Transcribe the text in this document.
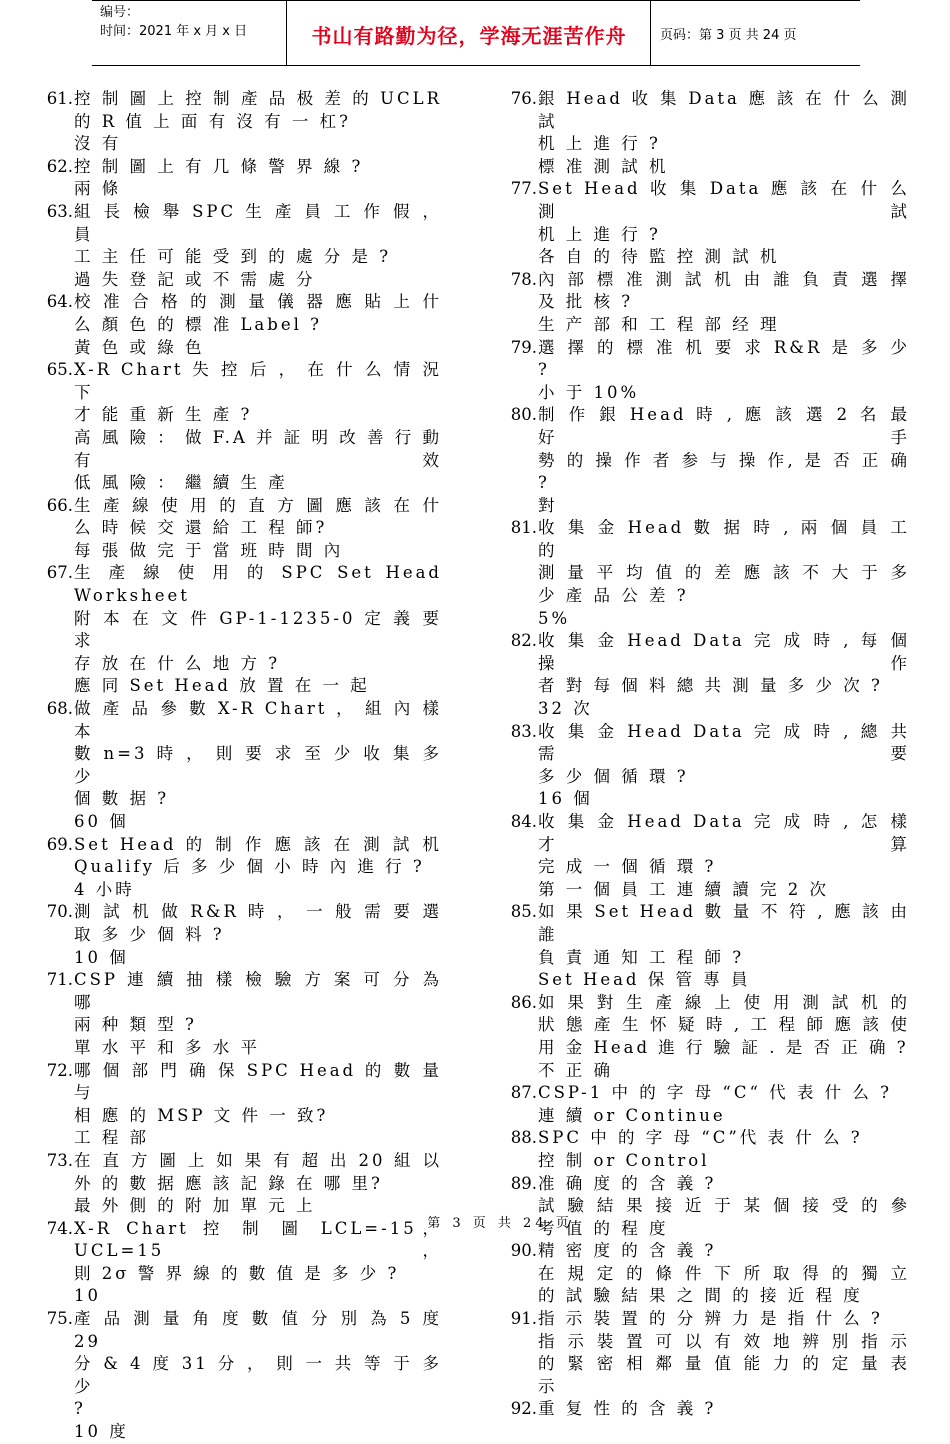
编号：
时间：2021 年 x 月 x 日	书山有路勤为径，学海无涯苦作舟	页码：第 3 页 共 24 页
61. 控 制 圖 上 控 制 產 品 极 差 的 UCLR
的 R 值 上 面 有 沒 有 一 杠?
沒 有
62. 控 制 圖 上 有 几 條 警 界 線 ?
兩 條
63. 組 長 檢 舉 SPC 生 產 員 工 作 假 ， 員
工 主 任 可 能 受 到 的 處 分 是 ?
過 失 登 記 或 不 需 處 分
64. 校 准 合 格 的 測 量 儀 器 應 貼 上 什
么 顏 色 的 標 准 Label ?
黃 色 或 綠 色
65. X-R Chart 失 控 后 ， 在 什 么 情 況 下
才 能 重 新 生 產 ?
高 風 險 ： 做 F.A 并 証 明 改 善 行 動
有 效
低 風 險 ： 繼 續 生 產
66. 生 產 線 使 用 的 直 方 圖 應 該 在 什
么 時 候 交 還 給 工 程 師?
每 張 做 完 于 當 班 時 間 內
67. 生 產 線 使 用 的 SPC Set Head Worksheet
附 本 在 文 件 GP-1-1235-0 定 義 要 求
存 放 在 什 么 地 方 ?
應 同 Set Head 放 置 在 一 起
68. 做 產 品 參 數 X-R Chart ， 組 內 樣 本
數 n=3 時 ， 則 要 求 至 少 收 集 多 少
個 數 据 ?
60 個
69. Set Head 的 制 作 應 該 在 測 試 机
Qualify 后 多 少 個 小 時 內 進 行 ?
4 小時
70. 測 試 机 做 R&R 時 ， 一 般 需 要 選
取 多 少 個 料 ?
10 個
71. CSP 連 續 抽 樣 檢 驗 方 案 可 分 為 哪
兩 种 類 型 ?
單 水 平 和 多 水 平
72. 哪 個 部 門 确 保 SPC Head 的 數 量 与
相 應 的 MSP 文 件 一 致?
工 程 部
73. 在 直 方 圖 上 如 果 有 超 出 20 組 以
外 的 數 据 應 該 記 錄 在 哪 里?
最 外 側 的 附 加 單 元 上
74. X-R Chart 控 制 圖 LCL=-15， UCL=15，
則 2σ 警 界 線 的 數 值 是 多 少 ?
10
75. 產 品 測 量 角 度 數 值 分 別 為 5 度 29
分 & 4 度 31 分 ， 則 一 共 等 于 多 少
?
10 度
76. 銀 Head 收 集 Data 應 該 在 什 么 測 試
机 上 進 行 ?
標 准 測 試 机
77. Set Head 收 集 Data 應 該 在 什 么 測 試
机 上 進 行 ?
各 自 的 待 監 控 測 試 机
78. 內 部 標 准 測 試 机 由 誰 負 責 選 擇
及 批 核 ?
生 产 部 和 工 程 部 经 理
79. 選 擇 的 標 准 机 要 求 R&R 是 多 少 ?
小 于 10%
80. 制 作 銀 Head 時 , 應 該 選 2 名 最 好 手
勢 的 操 作 者 参 与 操 作, 是 否 正 确 ?
對
81. 收 集 金 Head 數 据 時 , 兩 個 員 工 的
測 量 平 均 值 的 差 應 該 不 大 于 多
少 產 品 公 差 ?
5%
82. 收 集 金 Head Data 完 成 時 , 每 個 操 作
者 對 每 個 料 總 共 測 量 多 少 次 ?
32 次
83. 收 集 金 Head Data 完 成 時 , 總 共 需 要
多 少 個 循 環 ?
16 個
84. 收 集 金 Head Data 完 成 時 , 怎 樣 才 算
完 成 一 個 循 環 ?
第 一 個 員 工 連 續 讀 完 2 次
85. 如 果 Set Head 數 量 不 符 , 應 該 由 誰
負 責 通 知 工 程 師 ?
Set Head 保 管 專 員
86. 如 果 對 生 產 線 上 使 用 測 試 机 的
狀 態 產 生 怀 疑 時 , 工 程 師 應 該 使
用 金 Head 進 行 驗 証 . 是 否 正 确 ?
不 正 确
87. CSP-1 中 的 字 母 “C“ 代 表 什 么 ?
連 續 or Continue
88. SPC 中 的 字 母 “C”代 表 什 么 ?
控 制 or Control
89. 准 确 度 的 含 義 ?
試 驗 結 果 接 近 于 某 個 接 受 的 參
考 值 的 程 度
90. 精 密 度 的 含 義 ?
在 規 定 的 條 件 下 所 取 得 的 獨 立
的 試 驗 結 果 之 間 的 接 近 程 度
91. 指 示 裝 置 的 分 辨 力 是 指 什 么 ?
指 示 裝 置 可 以 有 效 地 辨 別 指 示
的 緊 密 相 鄰 量 值 能 力 的 定 量 表
示
92. 重 复 性 的 含 義 ?
第 3 页 共 24 页
